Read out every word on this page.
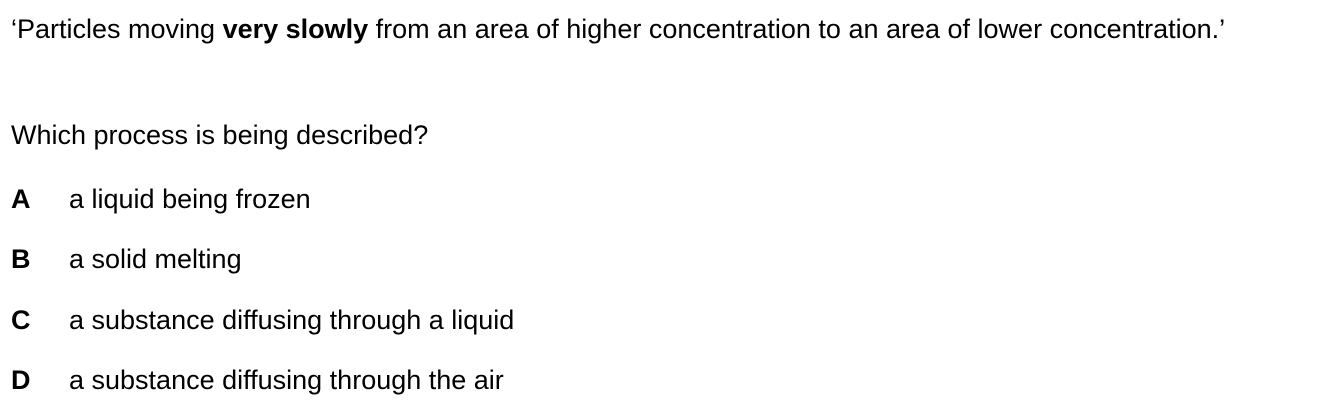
‘Particles moving very slowly from an area of higher concentration to an area of lower concentration.’

Which process is being described?

A	a liquid being frozen
B	a solid melting
C	a substance diffusing through a liquid
D	a substance diffusing through the air
